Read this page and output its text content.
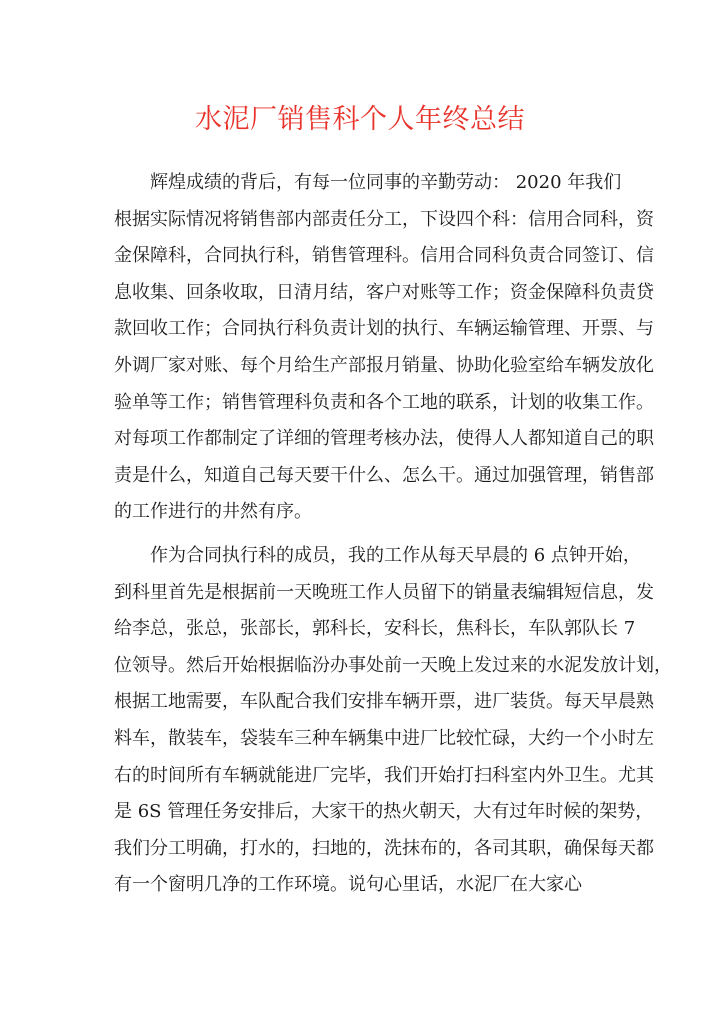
水泥厂销售科个人年终总结
辉煌成绩的背后，有每一位同事的辛勤劳动： 2020 年我们
根据实际情况将销售部内部责任分工，下设四个科：信用合同科，资
金保障科，合同执行科，销售管理科。信用合同科负责合同签订、信
息收集、回条收取，日清月结，客户对账等工作；资金保障科负责贷
款回收工作；合同执行科负责计划的执行、车辆运输管理、开票、与
外调厂家对账、每个月给生产部报月销量、协助化验室给车辆发放化
验单等工作；销售管理科负责和各个工地的联系，计划的收集工作。
对每项工作都制定了详细的管理考核办法，使得人人都知道自己的职
责是什么，知道自己每天要干什么、怎么干。通过加强管理，销售部
的工作进行的井然有序。
作为合同执行科的成员，我的工作从每天早晨的 6 点钟开始，
到科里首先是根据前一天晚班工作人员留下的销量表编辑短信息，发
给李总，张总，张部长，郭科长，安科长，焦科长，车队郭队长 7
位领导。然后开始根据临汾办事处前一天晚上发过来的水泥发放计划，
根据工地需要，车队配合我们安排车辆开票，进厂装货。每天早晨熟
料车，散装车，袋装车三种车辆集中进厂比较忙碌，大约一个小时左
右的时间所有车辆就能进厂完毕，我们开始打扫科室内外卫生。尤其
是 6S 管理任务安排后，大家干的热火朝天，大有过年时候的架势，
我们分工明确，打水的，扫地的，洗抹布的，各司其职，确保每天都
有一个窗明几净的工作环境。说句心里话，水泥厂在大家心
